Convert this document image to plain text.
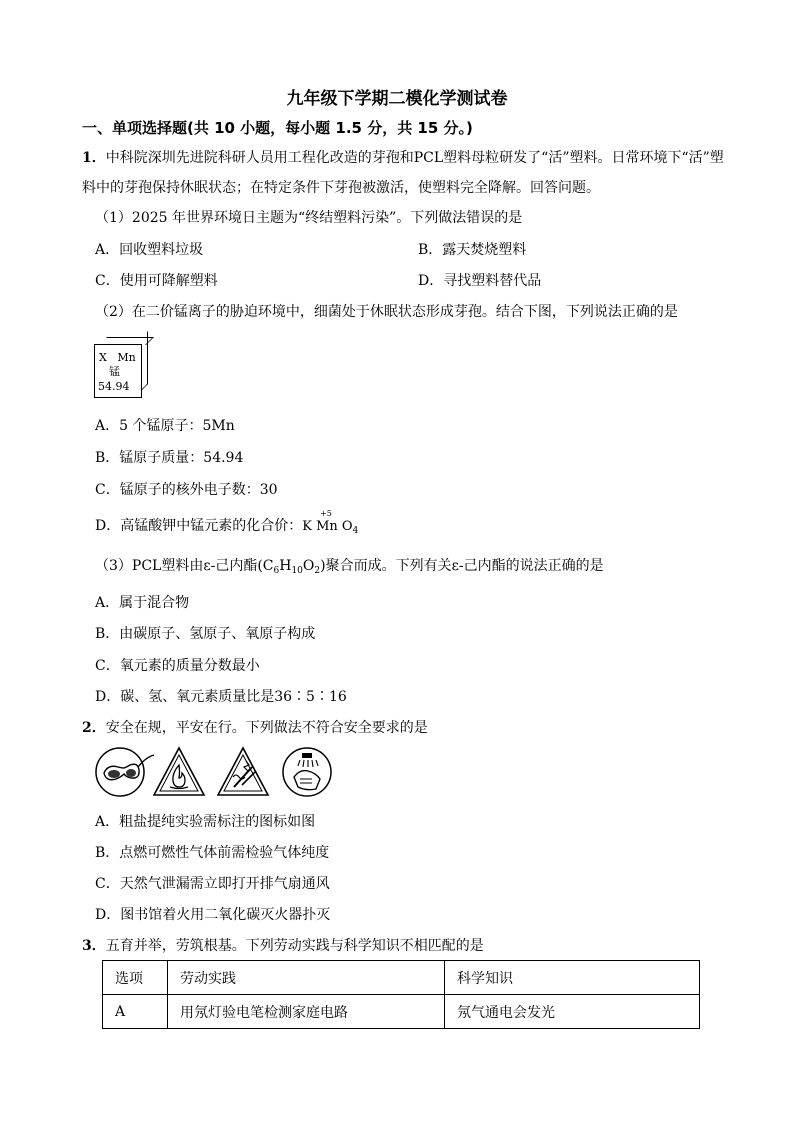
九年级下学期二模化学测试卷
一、单项选择题(共 10 小题，每小题 1.5 分，共 15 分。)
1．中科院深圳先进院科研人员用工程化改造的芽孢和PCL塑料母粒研发了“活”塑料。日常环境下“活”塑
料中的芽孢保持休眠状态；在特定条件下芽孢被激活，使塑料完全降解。回答问题。
（1）2025 年世界环境日主题为“终结塑料污染”。下列做法错误的是
A．回收塑料垃圾	B．露天焚烧塑料
C．使用可降解塑料	D．寻找塑料替代品
（2）在二价锰离子的胁迫环境中，细菌处于休眠状态形成芽孢。结合下图，下列说法正确的是
X Mn
锰
54.94
A．5 个锰原子：5Mn
B．锰原子质量：54.94
C．锰原子的核外电子数：30
D．高锰酸钾中锰元素的化合价：K
+5
Mn $O_4$
（3）PCL塑料由ε-己内酯$(C_6H_{10}O_2)$聚合而成。下列有关ε-己内酯的说法正确的是
A．属于混合物
B．由碳原子、氢原子、氧原子构成
C．氧元素的质量分数最小
D．碳、氢、氧元素质量比是36∶5∶16
2．安全在规，平安在行。下列做法不符合安全要求的是
A．粗盐提纯实验需标注的图标如图
B．点燃可燃性气体前需检验气体纯度
C．天然气泄漏需立即打开排气扇通风
D．图书馆着火用二氧化碳灭火器扑灭
3．五育并举，劳筑根基。下列劳动实践与科学知识不相匹配的是
选项	劳动实践	科学知识
A	用氖灯验电笔检测家庭电路	氖气通电会发光
